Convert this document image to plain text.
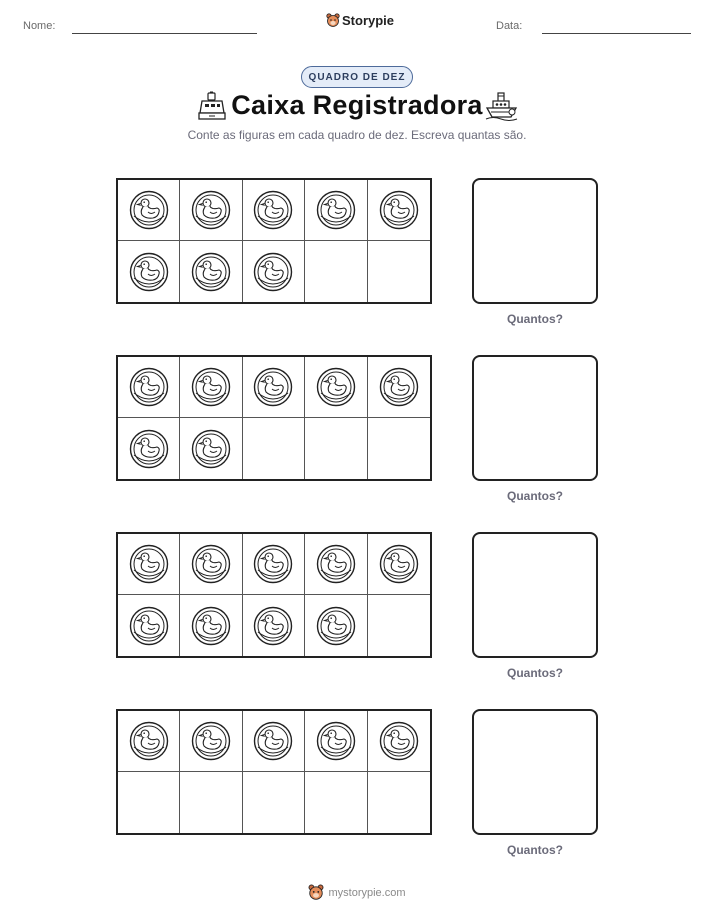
Nome:	Storypie	Data:
QUADRO DE DEZ
Caixa Registradora
Conte as figuras em cada quadro de dez. Escreva quantas são.
Quantos?
Quantos?
Quantos?
Quantos?
mystorypie.com
